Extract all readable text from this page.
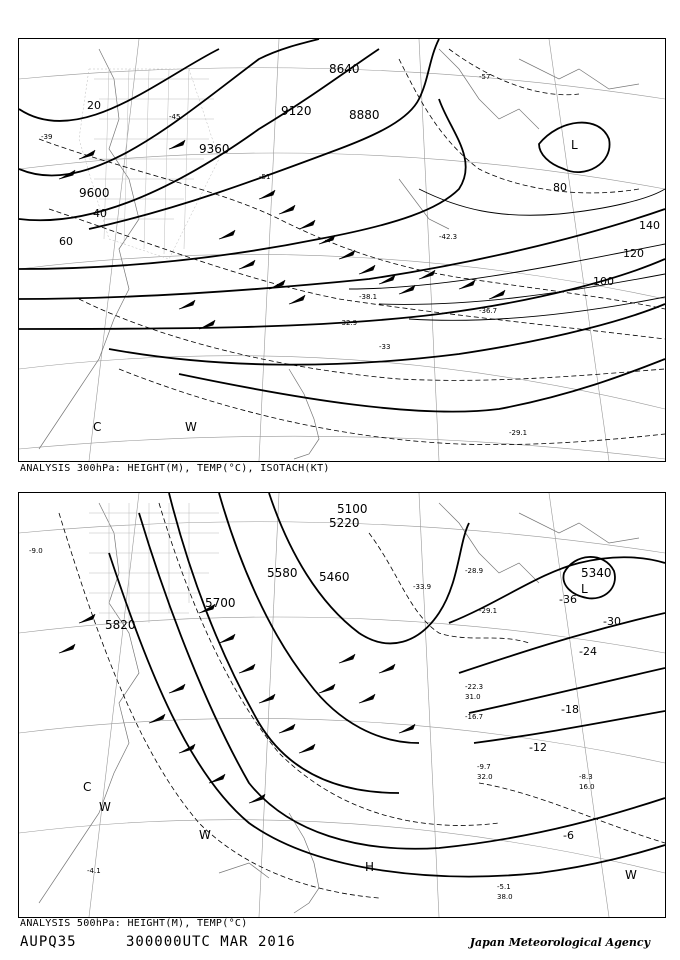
8640
8880
9120
9360
9600
20
40
60
80
100
120
140
-39
-45
-51
-57
-33
-29.1
-36.7
-42.3
-38.1
-32.9
L
C	W
ANALYSIS 300hPa: HEIGHT(M), TEMP(°C), ISOTACH(KT)
5100
5220
5340
5460
5580
5700
5820
-36
-30
-24
-18
-12
-6
-33.9
-28.9
-29.1
-22.3
-16.7
-9.7
-8.3
-5.1
-4.1
-9.0
32.0
16.0
31.0
38.0
L
C
W
H
W
W
ANALYSIS 500hPa: HEIGHT(M), TEMP(°C)
AUPQ35	300000UTC MAR 2016	Japan Meteorological Agency
